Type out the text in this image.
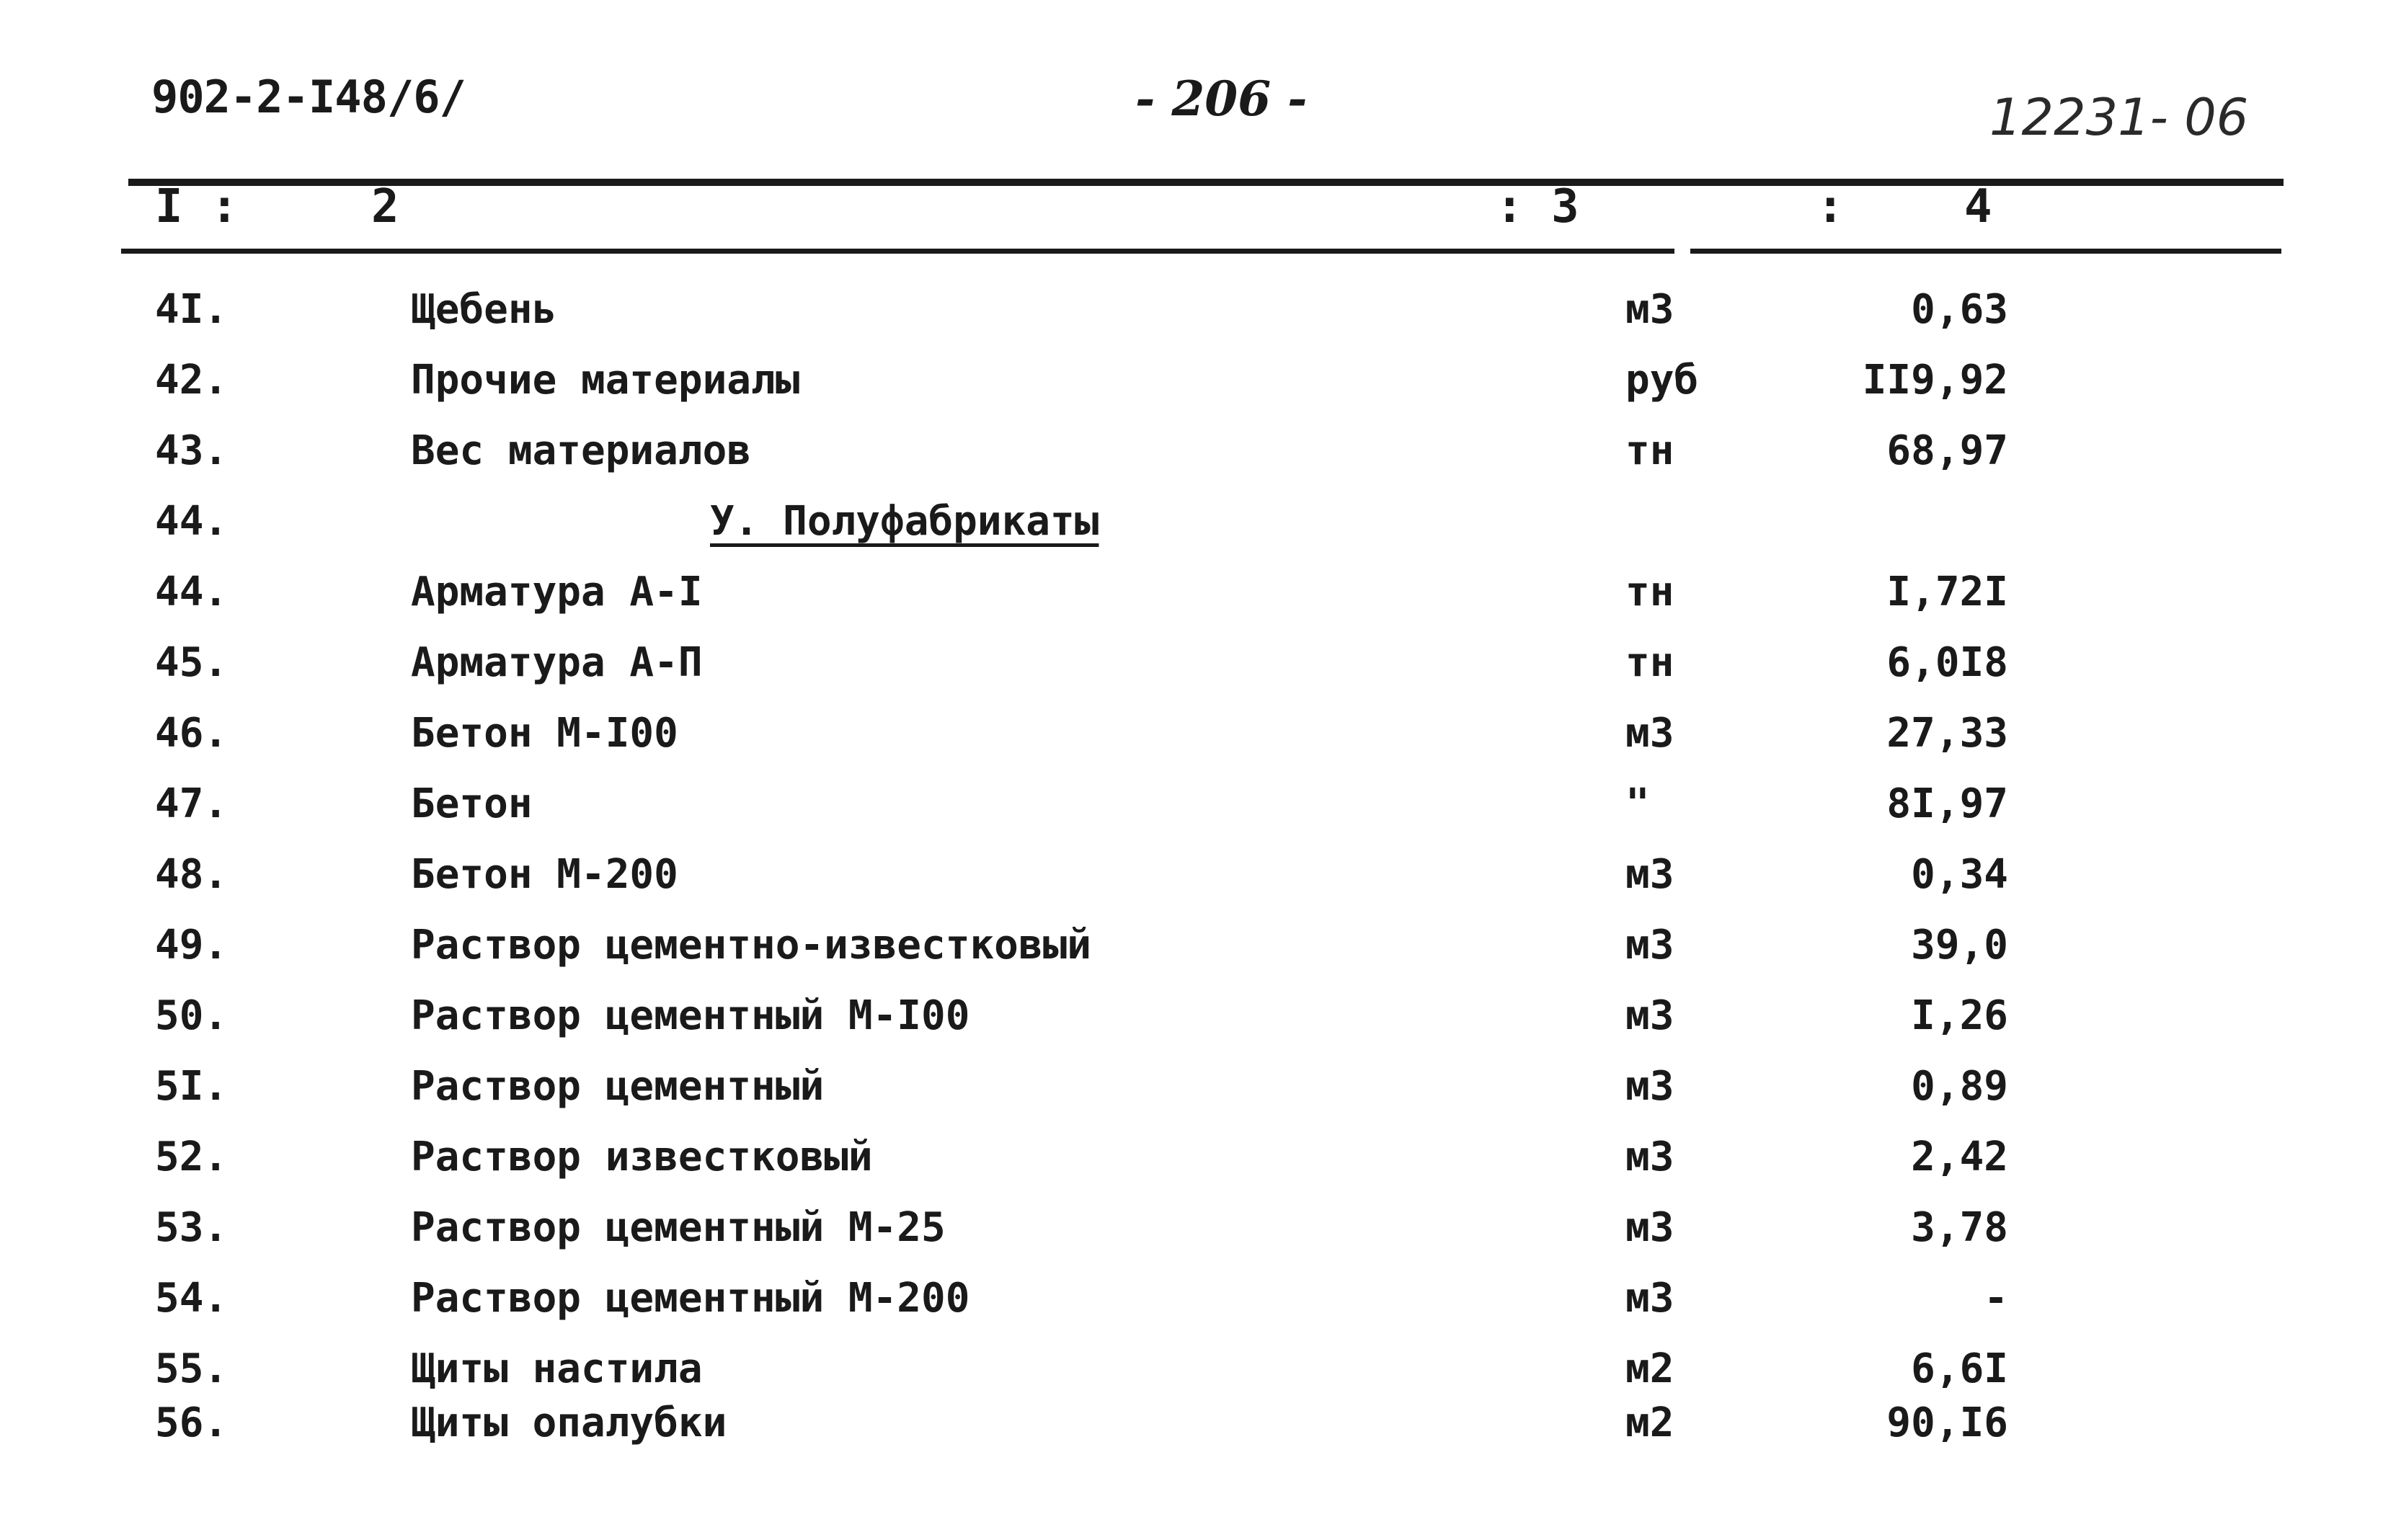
902-2-I48/6/	- 206 -	12231- 06
I :	2	: 3	:	4
4I.	Щебень	м3	0,63
42.	Прочие материалы	руб	II9,92
43.	Вес материалов	тн	68,97
44.	У. Полуфабрикаты
44.	Арматура А-I	тн	I,72I
45.	Арматура А-П	тн	6,0I8
46.	Бетон М-I00	м3	27,33
47.	Бетон	"	8I,97
48.	Бетон М-200	м3	0,34
49.	Раствор цементно-известковый	м3	39,0
50.	Раствор цементный М-I00	м3	I,26
5I.	Раствор цементный	м3	0,89
52.	Раствор известковый	м3	2,42
53.	Раствор цементный М-25	м3	3,78
54.	Раствор цементный М-200	м3	-
55.	Щиты настила	м2	6,6I
56.	Щиты опалубки	м2	90,I6
